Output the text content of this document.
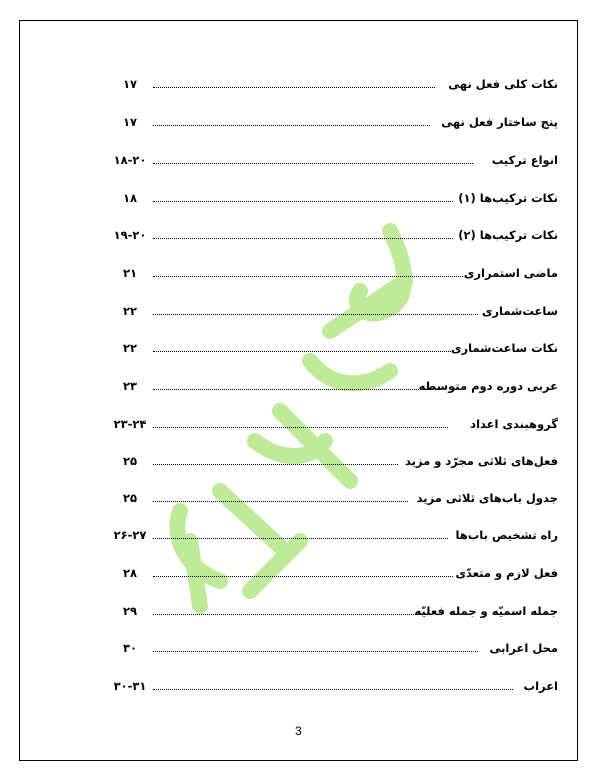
نکات کلی فعل نهی
۱۷
پنج ساختار فعل نهی
۱۷
انواع ترکیب
۱۸-۲۰
نکات ترکیب‌ها (۱)
۱۸
نکات ترکیب‌ها (۲)
۱۹-۲۰
ماضی استمراری
۲۱
ساعت‌شماری
۲۲
نکات ساعت‌شماری
۲۲
عربی دوره دوم متوسطه
۲۳
گروهبندی اعداد
۲۳-۲۴
فعل‌های ثلاثی مجرّد و مزید
۲۵
جدول باب‌های ثلاثی مزید
۲۵
راه تشخیص باب‌ها
۲۶-۲۷
فعل لازم و متعدّی
۲۸
جمله اسمیّه و جمله فعلیّه
۲۹
محل اعرابی
۳۰
اعراب
۳۰-۳۱
3
